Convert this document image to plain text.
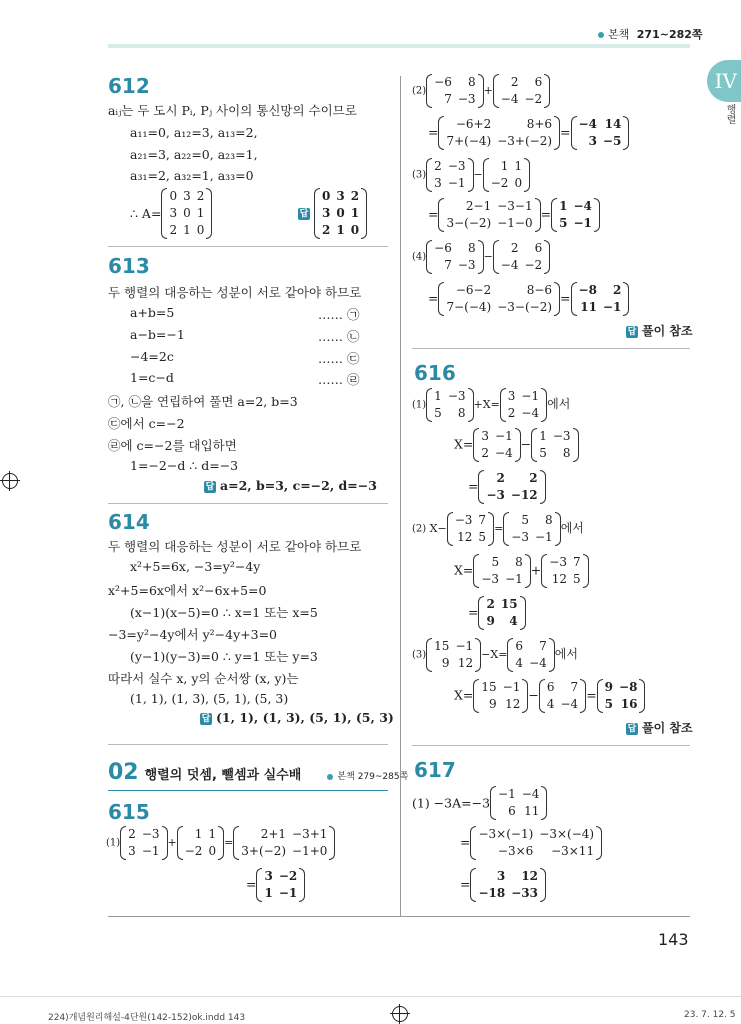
본책 271~282쪽
IV
행렬
612
aᵢⱼ는 두 도시 Pᵢ, Pⱼ 사이의 통신망의 수이므로
a₁₁=0, a₁₂=3, a₁₃=2,
a₂₁=3, a₂₂=0, a₂₃=1,
a₃₁=2, a₃₂=1, a₃₃=0
∴ A=
0	3	2
3	0	1
2	1	0
답
0	3	2
3	0	1
2	1	0
613
두 행렬의 대응하는 성분이 서로 같아야 하므로
a+b=5
a−b=−1
−4=2c
1=c−d
…… ㉠
…… ㉡
…… ㉢
…… ㉣
㉠, ㉡을 연립하여 풀면 a=2, b=3
㉢에서 c=−2
㉣에 c=−2를 대입하면
1=−2−d ∴ d=−3
답 a=2, b=3, c=−2, d=−3
614
두 행렬의 대응하는 성분이 서로 같아야 하므로
x²+5=6x, −3=y²−4y
x²+5=6x에서 x²−6x+5=0
(x−1)(x−5)=0 ∴ x=1 또는 x=5
−3=y²−4y에서 y²−4y+3=0
(y−1)(y−3)=0 ∴ y=1 또는 y=3
따라서 실수 x, y의 순서쌍 (x, y)는
(1, 1), (1, 3), (5, 1), (5, 3)
답 (1, 1), (1, 3), (5, 1), (5, 3)
02 행렬의 덧셈, 뺄셈과 실수배	본책 279~285쪽
615
(1)
2	−3
3	−1
+
1	1
−2	0
=
2+1	−3+1
3+(−2)	−1+0
=
3	−2
1	−1
(2)
−6	8
7	−3
+
2	6
−4	−2
=
−6+2	8+6
7+(−4)	−3+(−2)
=
−4	14
3	−5
(3)
2	−3
3	−1
−
1	1
−2	0
=
2−1	−3−1
3−(−2)	−1−0
=
1	−4
5	−1
(4)
−6	8
7	−3
−
2	6
−4	−2
=
−6−2	8−6
7−(−4)	−3−(−2)
=
−8	2
11	−1
답 풀이 참조
616
(1)
1	−3
5	8
+X=
3	−1
2	−4
에서
X=
3	−1
2	−4
−
1	−3
5	8
=
2	2
−3	−12
(2) X−
−3	7
12	5
=
5	8
−3	−1
에서
X=
5	8
−3	−1
+
−3	7
12	5
=
2	15
9	4
(3)
15	−1
9	12
−X=
6	7
4	−4
에서
X=
15	−1
9	12
−
6	7
4	−4
=
9	−8
5	16
답 풀이 참조
617
(1) −3A=−3
−1	−4
6	11
=
−3×(−1)	−3×(−4)
−3×6	−3×11
=
3	12
−18	−33
143
224)개념원리해설-4단원(142-152)ok.indd 143	23. 7. 12. 5
